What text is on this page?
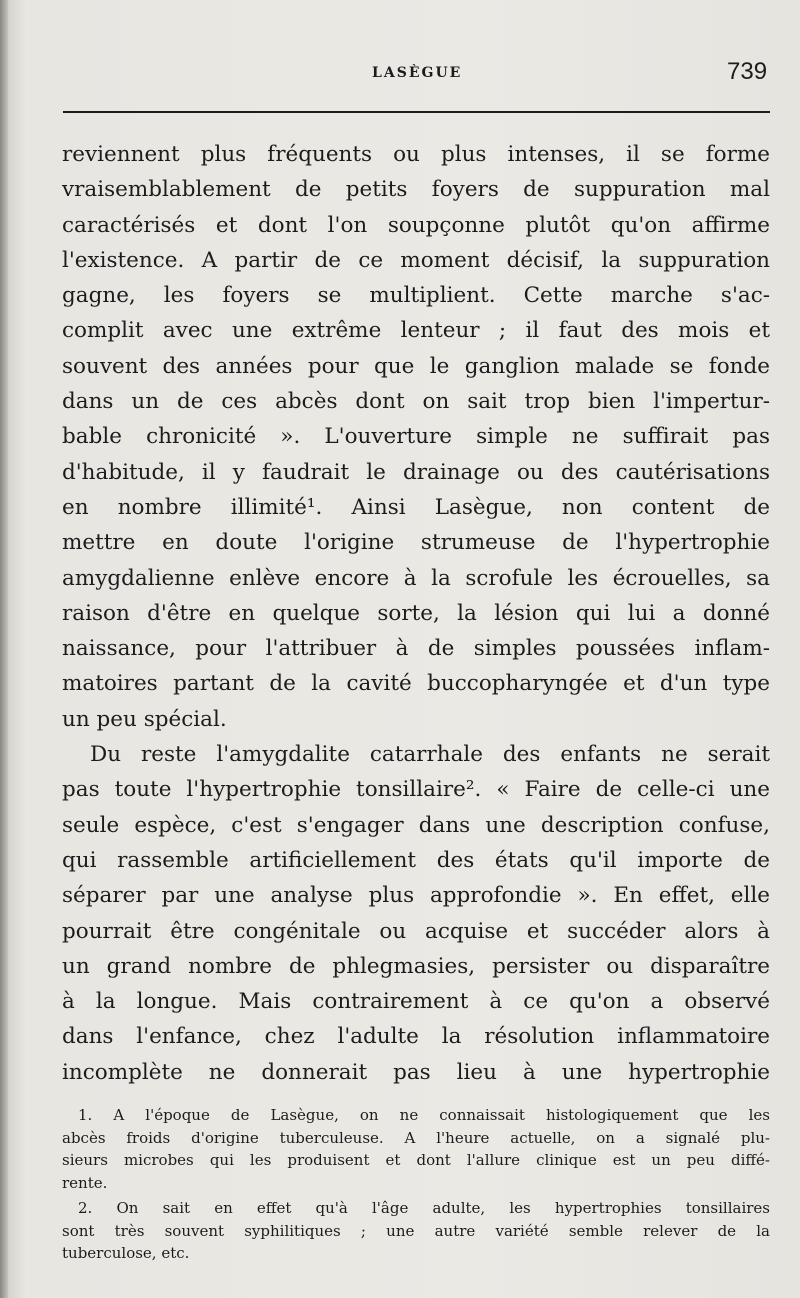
LASÈGUE	739
reviennent plus fréquents ou plus intenses, il se forme
vraisemblablement de petits foyers de suppuration mal
caractérisés et dont l'on soupçonne plutôt qu'on affirme
l'existence. A partir de ce moment décisif, la suppuration
gagne, les foyers se multiplient. Cette marche s'ac-
complit avec une extrême lenteur ; il faut des mois et
souvent des années pour que le ganglion malade se fonde
dans un de ces abcès dont on sait trop bien l'impertur-
bable chronicité ». L'ouverture simple ne suffirait pas
d'habitude, il y faudrait le drainage ou des cautérisations
en nombre illimité¹. Ainsi Lasègue, non content de
mettre en doute l'origine strumeuse de l'hypertrophie
amygdalienne enlève encore à la scrofule les écrouelles, sa
raison d'être en quelque sorte, la lésion qui lui a donné
naissance, pour l'attribuer à de simples poussées inflam-
matoires partant de la cavité buccopharyngée et d'un type
un peu spécial.
Du reste l'amygdalite catarrhale des enfants ne serait
pas toute l'hypertrophie tonsillaire². « Faire de celle-ci une
seule espèce, c'est s'engager dans une description confuse,
qui rassemble artificiellement des états qu'il importe de
séparer par une analyse plus approfondie ». En effet, elle
pourrait être congénitale ou acquise et succéder alors à
un grand nombre de phlegmasies, persister ou disparaître
à la longue. Mais contrairement à ce qu'on a observé
dans l'enfance, chez l'adulte la résolution inflammatoire
incomplète ne donnerait pas lieu à une hypertrophie
1. A l'époque de Lasègue, on ne connaissait histologiquement que les
abcès froids d'origine tuberculeuse. A l'heure actuelle, on a signalé plu-
sieurs microbes qui les produisent et dont l'allure clinique est un peu diffé-
rente.
2. On sait en effet qu'à l'âge adulte, les hypertrophies tonsillaires
sont très souvent syphilitiques ; une autre variété semble relever de la
tuberculose, etc.
